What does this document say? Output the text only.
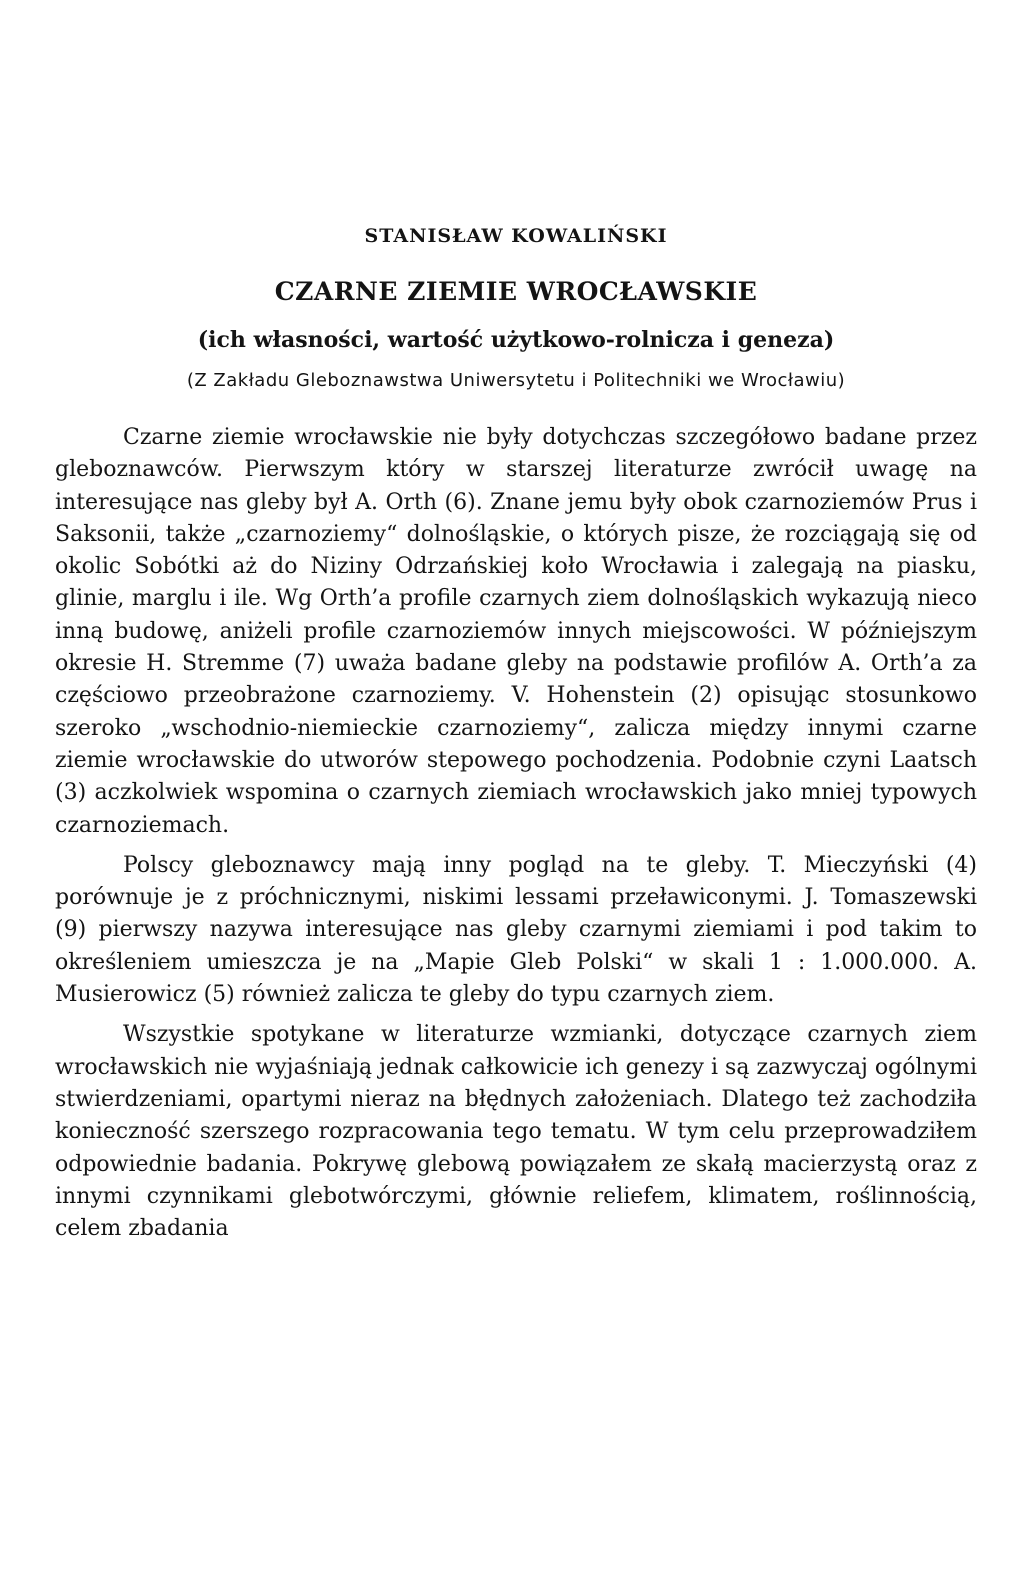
STANISŁAW KOWALIŃSKI
CZARNE ZIEMIE WROCŁAWSKIE
(ich własności, wartość użytkowo-rolnicza i geneza)
(Z Zakładu Gleboznawstwa Uniwersytetu i Politechniki we Wrocławiu)

Czarne ziemie wrocławskie nie były dotychczas szczegółowo badane przez gleboznawców. Pierwszym który w starszej literaturze zwrócił uwagę na interesujące nas gleby był A. Orth (6). Znane jemu były obok czarnoziemów Prus i Saksonii, także „czarnoziemy“ dolnośląskie, o których pisze, że rozciągają się od okolic Sobótki aż do Niziny Odrzańskiej koło Wrocławia i zalegają na piasku, glinie, marglu i ile. Wg Orth’a profile czarnych ziem dolnośląskich wykazują nieco inną budowę, aniżeli profile czarnoziemów innych miejscowości. W późniejszym okresie H. Stremme (7) uważa badane gleby na podstawie profilów A. Orth’a za częściowo przeobrażone czarnoziemy. V. Hohenstein (2) opisując stosunkowo szeroko „wschodnio-niemieckie czarnoziemy“, zalicza między innymi czarne ziemie wrocławskie do utworów stepowego pochodzenia. Podobnie czyni Laatsch (3) aczkolwiek wspomina o czarnych ziemiach wrocławskich jako mniej typowych czarnoziemach.

Polscy gleboznawcy mają inny pogląd na te gleby. T. Mieczyński (4) porównuje je z próchnicznymi, niskimi lessami przeławiconymi. J. Tomaszewski (9) pierwszy nazywa interesujące nas gleby czarnymi ziemiami i pod takim to określeniem umieszcza je na „Mapie Gleb Polski“ w skali 1 : 1.000.000. A. Musierowicz (5) również zalicza te gleby do typu czarnych ziem.

Wszystkie spotykane w literaturze wzmianki, dotyczące czarnych ziem wrocławskich nie wyjaśniają jednak całkowicie ich genezy i są zazwyczaj ogólnymi stwierdzeniami, opartymi nieraz na błędnych założeniach. Dlatego też zachodziła konieczność szerszego rozpracowania tego tematu. W tym celu przeprowadziłem odpowiednie badania. Pokrywę glebową powiązałem ze skałą macierzystą oraz z innymi czynnikami glebotwórczymi, głównie reliefem, klimatem, roślinnością, celem zbadania
